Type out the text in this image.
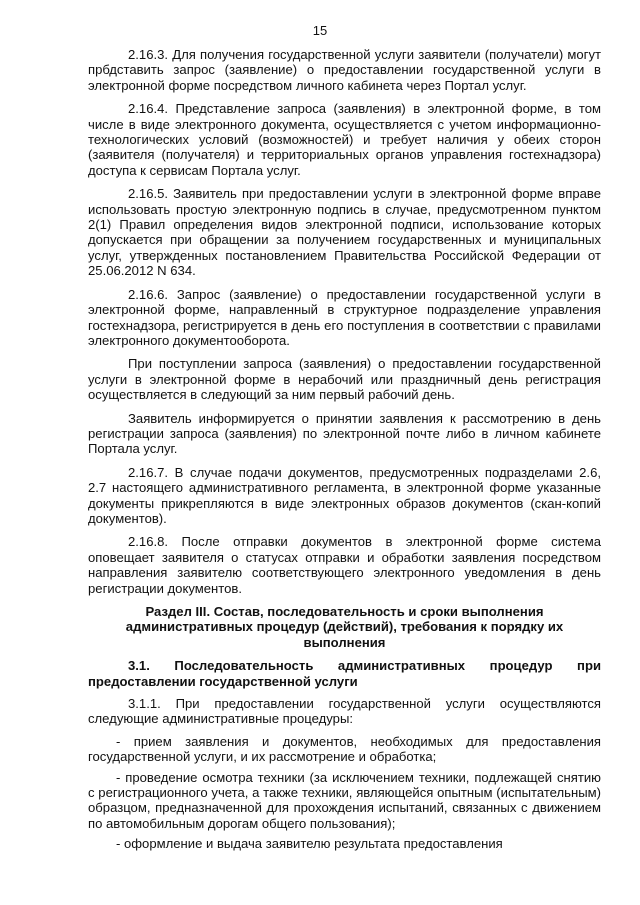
15

2.16.3. Для получения государственной услуги заявители (получатели) могут прбдставить запрос (заявление) о предоставлении государственной услуги в электронной форме посредством личного кабинета через Портал услуг.

2.16.4. Представление запроса (заявления) в электронной форме, в том числе в виде электронного документа, осуществляется с учетом информационно-технологических условий (возможностей) и требует наличия у обеих сторон (заявителя (получателя) и территориальных органов управления гостехнадзора) доступа к сервисам Портала услуг.

2.16.5. Заявитель при предоставлении услуги в электронной форме вправе использовать простую электронную подпись в случае, предусмотренном пунктом 2(1) Правил определения видов электронной подписи, использование которых допускается при обращении за получением государственных и муниципальных услуг, утвержденных постановлением Правительства Российской Федерации от 25.06.2012 N 634.

2.16.6. Запрос (заявление) о предоставлении государственной услуги в электронной форме, направленный в структурное подразделение управления гостехнадзора, регистрируется в день его поступления в соответствии с правилами электронного документооборота.

При поступлении запроса (заявления) о предоставлении государственной услуги в электронной форме в нерабочий или праздничный день регистрация осуществляется в следующий за ним первый рабочий день.

Заявитель информируется о принятии заявления к рассмотрению в день регистрации запроса (заявления) по электронной почте либо в личном кабинете Портала услуг.

2.16.7. В случае подачи документов, предусмотренных подразделами 2.6, 2.7 настоящего административного регламента, в электронной форме указанные документы прикрепляются в виде электронных образов документов (скан-копий документов).

2.16.8. После отправки документов в электронной форме система оповещает заявителя о статусах отправки и обработки заявления посредством направления заявителю соответствующего электронного уведомления в день регистрации документов.

Раздел III. Состав, последовательность и сроки выполнения административных процедур (действий), требования к порядку их выполнения
3.1. Последовательность административных процедур при предоставлении государственной услуги

3.1.1. При предоставлении государственной услуги осуществляются следующие административные процедуры:

- прием заявления и документов, необходимых для предоставления государственной услуги, и их рассмотрение и обработка;

- проведение осмотра техники (за исключением техники, подлежащей снятию с регистрационного учета, а также техники, являющейся опытным (испытательным) образцом, предназначенной для прохождения испытаний, связанных с движением по автомобильным дорогам общего пользования);

- оформление и выдача заявителю результата предоставления
